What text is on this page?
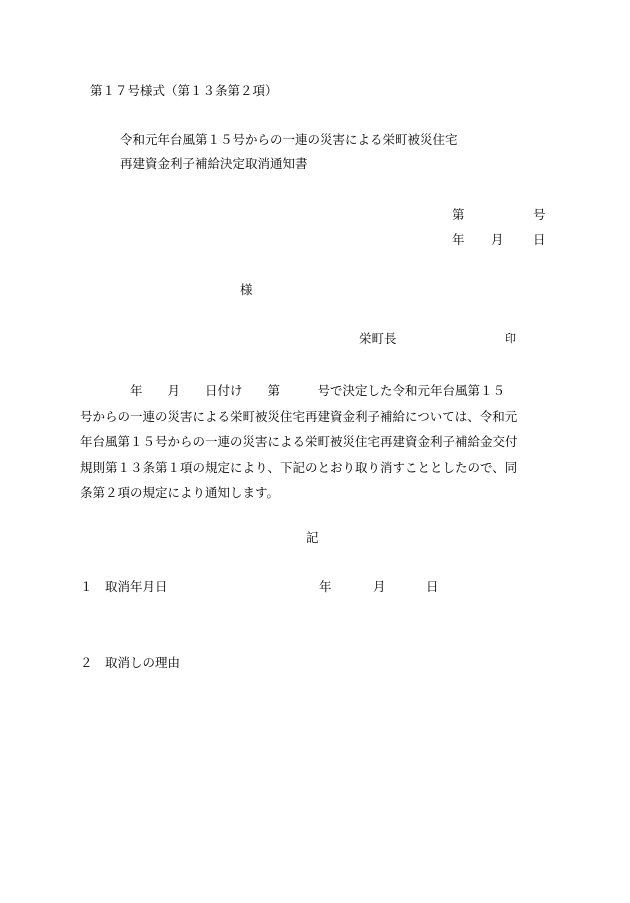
第１７号様式（第１３条第２項）
令和元年台風第１５号からの一連の災害による栄町被災住宅
再建資金利子補給決定取消通知書
第	号
年 月 日
様
栄町長	印
　　　　年　　月　　日付け　　第　　　号で決定した令和元年台風第１５
号からの一連の災害による栄町被災住宅再建資金利子補給については、令和元
年台風第１５号からの一連の災害による栄町被災住宅再建資金利子補給金交付
規則第１３条第１項の規定により、下記のとおり取り消すこととしたので、同
条第２項の規定により通知します。
記
１ 取消年月日	年	月	日
２ 取消しの理由
